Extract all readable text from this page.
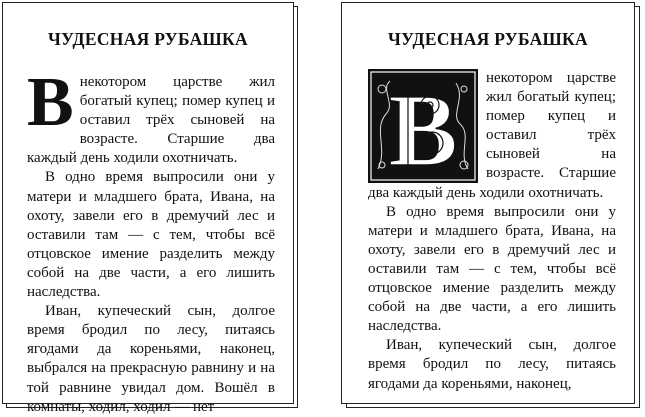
ЧУДЕСНАЯ РУБАШКА

Внекотором царстве жил богатый купец; помер купец и оставил трёх сыновей на возрасте. Старшие два каждый день ходили охотничать.

В одно время выпросили они у матери и младшего брата, Ивана, на охоту, завели его в дремучий лес и оставили там — с тем, чтобы всё отцовское имение разделить между собой на две части, а его лишить наследства.

Иван, купеческий сын, долгое время бродил по лесу, питаясь ягодами да кореньями, наконец, выбрался на прекрасную равнину и на той равнине увидал дом. Вошёл в комнаты, ходил, ходил — нет

ЧУДЕСНАЯ РУБАШКА

В некотором царстве жил богатый купец; помер купец и оставил трёх сыновей на возрасте. Старшие два каждый день ходили охотничать.

В одно время выпросили они у матери и младшего брата, Ивана, на охоту, завели его в дремучий лес и оставили там — с тем, чтобы всё отцовское имение разделить между собой на две части, а его лишить наследства.

Иван, купеческий сын, долгое время бродил по лесу, питаясь ягодами да кореньями, наконец,
